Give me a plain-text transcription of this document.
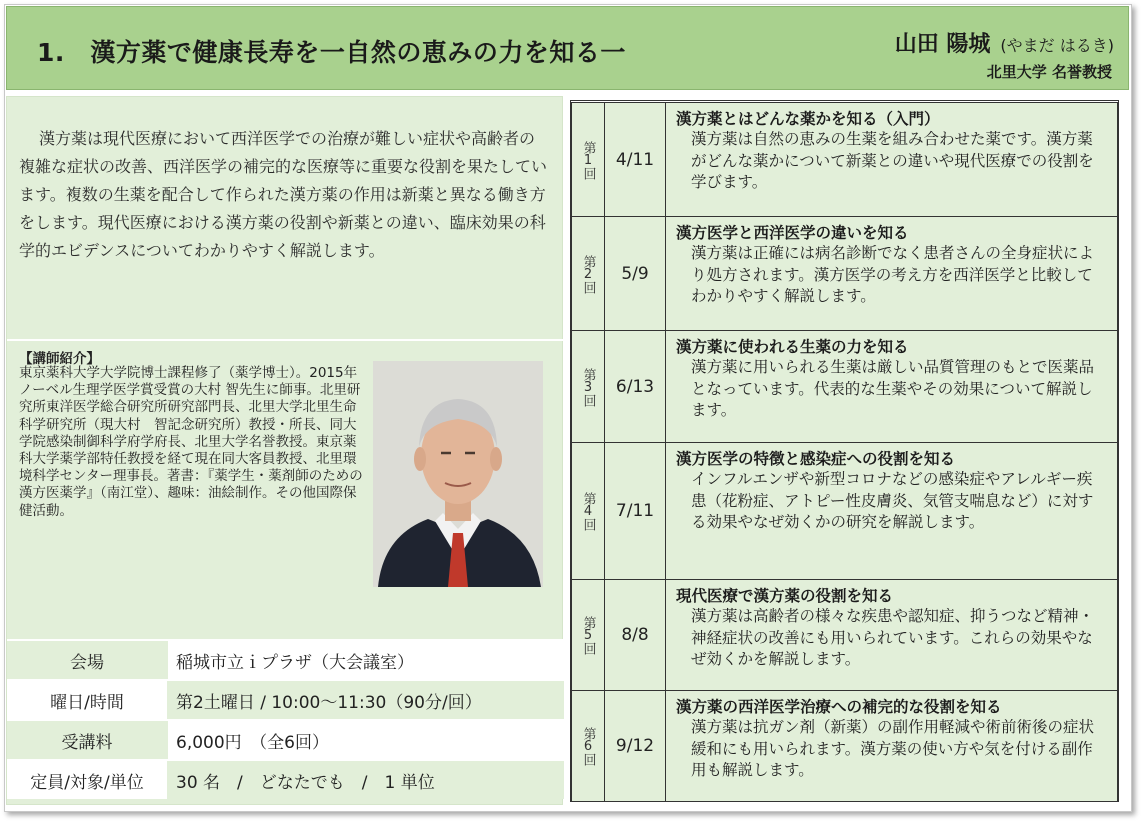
1.　漢方薬で健康長寿を一自然の恵みの力を知る一	山田 陽城 (やまだ はるき)
北里大学 名誉教授
漢方薬は現代医療において西洋医学での治療が難しい症状や高齢者の複雑な症状の改善、西洋医学の補完的な医療等に重要な役割を果たしています。複数の生薬を配合して作られた漢方薬の作用は新薬と異なる働き方をします。現代医療における漢方薬の役割や新薬との違い、臨床効果の科学的エビデンスについてわかりやすく解説します。
【講師紹介】
東京薬科大学大学院博士課程修了（薬学博士）。2015年ノーベル生理学医学賞受賞の大村 智先生に師事。北里研究所東洋医学総合研究所研究部門長、北里大学北里生命科学研究所（現大村　智記念研究所）教授・所長、同大学院感染制御科学府学府長、北里大学名誉教授。東京薬科大学薬学部特任教授を経て現在同大客員教授、北里環境科学センター理事長。著書：『薬学生・薬剤師のための漢方医薬学』（南江堂）、趣味：油絵制作。その他国際保健活動。
会場	稲城市立ｉプラザ（大会議室）
曜日/時間	第2土曜日 / 10:00～11:30（90分/回）
受講料	6,000円　（全6回）
定員/対象/単位	30 名　/　どなたでも　/　1 単位
第1回	4/11
漢方薬とはどんな薬かを知る（入門）
漢方薬は自然の恵みの生薬を組み合わせた薬です。漢方薬がどんな薬かについて新薬との違いや現代医療での役割を学びます。
第2回	5/9
漢方医学と西洋医学の違いを知る
漢方薬は正確には病名診断でなく患者さんの全身症状により処方されます。漢方医学の考え方を西洋医学と比較してわかりやすく解説します。
第3回	6/13
漢方薬に使われる生薬の力を知る
漢方薬に用いられる生薬は厳しい品質管理のもとで医薬品となっています。代表的な生薬やその効果について解説します。
第4回	7/11
漢方医学の特徴と感染症への役割を知る
インフルエンザや新型コロナなどの感染症やアレルギー疾患（花粉症、アトピー性皮膚炎、気管支喘息など）に対する効果やなぜ効くかの研究を解説します。
第5回	8/8
現代医療で漢方薬の役割を知る
漢方薬は高齢者の様々な疾患や認知症、抑うつなど精神・神経症状の改善にも用いられています。これらの効果やなぜ効くかを解説します。
第6回	9/12
漢方薬の西洋医学治療への補完的な役割を知る
漢方薬は抗ガン剤（新薬）の副作用軽減や術前術後の症状緩和にも用いられます。漢方薬の使い方や気を付ける副作用も解説します。
